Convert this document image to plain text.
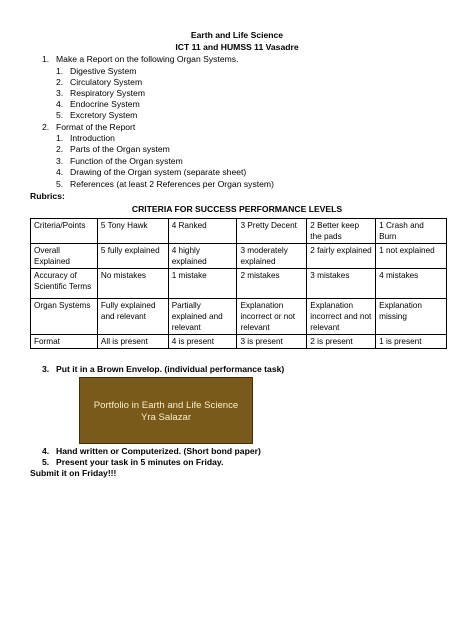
Earth and Life Science
ICT 11 and HUMSS 11 Vasadre
1. Make a Report on the following Organ Systems.
1. Digestive System
2. Circulatory System
3. Respiratory System
4. Endocrine System
5. Excretory System
2. Format of the Report
1. Introduction
2. Parts of the Organ system
3. Function of the Organ system
4. Drawing of the Organ system (separate sheet)
5. References (at least 2 References per Organ system)
Rubrics:
CRITERIA FOR SUCCESS PERFORMANCE LEVELS
Criteria/Points	5 Tony Hawk	4 Ranked	3 Pretty Decent	2 Better keep the pads	1 Crash and Burn
Overall Explained	5 fully explained	4 highly explained	3 moderately explained	2 fairly explained	1 not explained
Accuracy of Scientific Terms	No mistakes	1 mistake	2 mistakes	3 mistakes	4 mistakes
Organ Systems	Fully explained and relevant	Partially explained and relevant	Explanation incorrect or not relevant	Explanation incorrect and not relevant	Explanation missing
Format	All is present	4 is present	3 is present	2 is present	1 is present
3. Put it in a Brown Envelop. (individual performance task)
Portfolio in Earth and Life Science
Yra Salazar
4. Hand written or Computerized. (Short bond paper)
5. Present your task in 5 minutes on Friday.
Submit it on Friday!!!
